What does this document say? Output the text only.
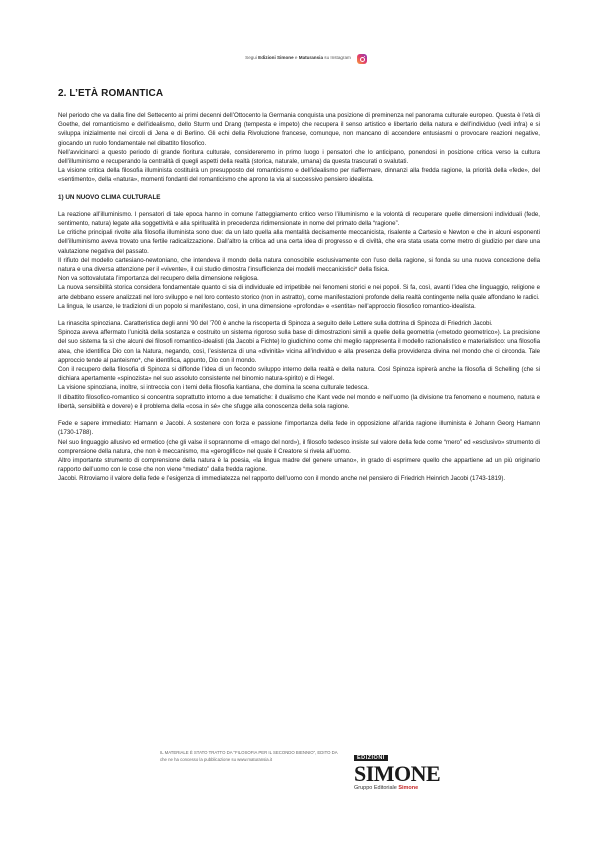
Segui Edizioni Simone e Maturansia su Instagram
2. L’ETÀ ROMANTICA

Nel periodo che va dalla fine del Settecento ai primi decenni dell’Ottocento la Germania conquista una posizione di preminenza nel panorama culturale europeo. Questa è l’età di Goethe, del romanticismo e dell’idealismo, dello Sturm und Drang (tempesta e impeto) che recupera il senso artistico e libertario della natura e dell’individuo (vedi infra) e si sviluppa inizialmente nei circoli di Jena e di Berlino. Gli echi della Rivoluzione francese, comunque, non mancano di accendere entusiasmi o provocare reazioni negative, giocando un ruolo fondamentale nel dibattito filosofico.

Nell’avvicinarci a questo periodo di grande fioritura culturale, considereremo in primo luogo i pensatori che lo anticipano, ponendosi in posizione critica verso la cultura dell’illuminismo e recuperando la centralità di quegli aspetti della realtà (storica, naturale, umana) da questa trascurati o svalutati.

La visione critica della filosofia illuminista costituirà un presupposto del romanticismo e dell’idealismo per riaffermare, dinnanzi alla fredda ragione, la priorità della «fede», del «sentimento», della «natura», momenti fondanti del romanticismo che aprono la via al successivo pensiero idealista.

1) UN NUOVO CLIMA CULTURALE

La reazione all’illuminismo. I pensatori di tale epoca hanno in comune l’atteggiamento critico verso l’illuminismo e la volontà di recuperare quelle dimensioni individuali (fede, sentimento, natura) legate alla soggettività e alla spiritualità in precedenza ridimensionate in nome del primato della “ragione”.

Le critiche principali rivolte alla filosofia illuminista sono due: da un lato quella alla mentalità decisamente meccanicista, risalente a Cartesio e Newton e che in alcuni esponenti dell’illuminismo aveva trovato una fertile radicalizzazione. Dall’altro la critica ad una certa idea di progresso e di civiltà, che era stata usata come metro di giudizio per dare una valutazione negativa del passato.

Il rifiuto del modello cartesiano-newtoniano, che intendeva il mondo della natura conoscibile esclusivamente con l’uso della ragione, si fonda su una nuova concezione della natura e una diversa attenzione per il «vivente», il cui studio dimostra l’insufficienza dei modelli meccanicistici* della fisica.

Non va sottovalutata l’importanza del recupero della dimensione religiosa.

La nuova sensibilità storica considera fondamentale quanto ci sia di individuale ed irripetibile nei fenomeni storici e nei popoli. Si fa, così, avanti l’idea che linguaggio, religione e arte debbano essere analizzati nel loro sviluppo e nel loro contesto storico (non in astratto), come manifestazioni profonde della realtà contingente nella quale affondano le radici.

La lingua, le usanze, le tradizioni di un popolo si manifestano, così, in una dimensione «profonda» e «sentita» nell’approccio filosofico romantico-idealista.

La rinascita spinoziana. Caratteristica degli anni ’90 del ’700 è anche la riscoperta di Spinoza a seguito delle Lettere sulla dottrina di Spinoza di Friedrich Jacobi.

Spinoza aveva affermato l’unicità della sostanza e costruito un sistema rigoroso sulla base di dimostrazioni simili a quelle della geometria («metodo geometrico»). La precisione del suo sistema fa sì che alcuni dei filosofi romantico-idealisti (da Jacobi a Fichte) lo giudichino come chi meglio rappresenta il modello razionalistico e materialistico: una filosofia atea, che identifica Dio con la Natura, negando, così, l’esistenza di una «divinità» vicina all’individuo e alla presenza della provvidenza divina nel mondo che ci circonda. Tale approccio tende al panteismo*, che identifica, appunto, Dio con il mondo.

Con il recupero della filosofia di Spinoza si diffonde l’idea di un fecondo sviluppo interno della realtà e della natura. Così Spinoza ispirerà anche la filosofia di Schelling (che si dichiara apertamente «spinozista» nel suo assoluto consistente nel binomio natura-spirito) e di Hegel.

La visione spinoziana, inoltre, si intreccia con i temi della filosofia kantiana, che domina la scena culturale tedesca.

Il dibattito filosofico-romantico si concentra soprattutto intorno a due tematiche: il dualismo che Kant vede nel mondo e nell’uomo (la divisione tra fenomeno e noumeno, natura e libertà, sensibilità e dovere) e il problema della «cosa in sé» che sfugge alla conoscenza della sola ragione.

Fede e sapere immediato: Hamann e Jacobi. A sostenere con forza e passione l’importanza della fede in opposizione all’arida ragione illuminista è Johann Georg Hamann (1730-1788).

Nel suo linguaggio allusivo ed ermetico (che gli valse il soprannome di «mago del nord»), il filosofo tedesco insiste sul valore della fede come “mero” ed «esclusivo» strumento di comprensione della natura, che non è meccanismo, ma «geroglifico» nel quale il Creatore si rivela all’uomo.

Altro importante strumento di comprensione della natura è la poesia, «la lingua madre del genere umano», in grado di esprimere quello che appartiene ad un più originario rapporto dell’uomo con le cose che non viene “mediato” dalla fredda ragione.

Jacobi. Ritroviamo il valore della fede e l’esigenza di immediatezza nel rapporto dell’uomo con il mondo anche nel pensiero di Friedrich Heinrich Jacobi (1743-1819).

IL MATERIALE È STATO TRATTO DA “FILOSOFIA PER IL SECONDO BIENNIO”, EDITO DA
che ne ha concesso la pubblicazione su www.maturansia.it	EDIZIONI
SIMONE
Gruppo Editoriale Simone
